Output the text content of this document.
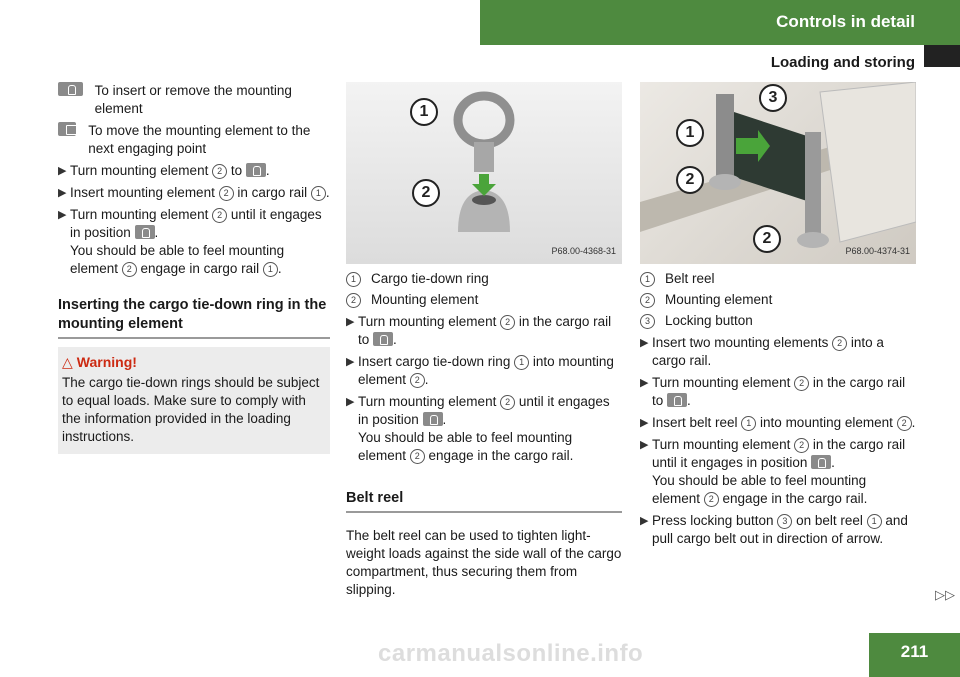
Controls in detail
Loading and storing
To insert or remove the mounting element
To move the mounting element to the next engaging point
▶ Turn mounting element 2 to .
▶ Insert mounting element 2 in cargo rail 1 .
▶ Turn mounting element 2 until it engages in position .
You should be able to feel mounting element 2 engage in cargo rail 1 .
Inserting the cargo tie-down ring in the mounting element
△ Warning!
The cargo tie-down rings should be subject to equal loads. Make sure to comply with the information provided in the loading instructions.
1
2
P68.00-4368-31
1	Cargo tie-down ring
2	Mounting element
▶ Turn mounting element 2 in the cargo rail to .
▶ Insert cargo tie-down ring 1 into mounting element 2 .
▶ Turn mounting element 2 until it engages in position .
You should be able to feel mounting element 2 engage in the cargo rail.
Belt reel
The belt reel can be used to tighten light-weight loads against the side wall of the cargo compartment, thus securing them from slipping.
1
2
3
2
P68.00-4374-31
1	Belt reel
2	Mounting element
3	Locking button
▶ Insert two mounting elements 2 into a cargo rail.
▶ Turn mounting element 2 in the cargo rail to .
▶ Insert belt reel 1 into mounting element 2 .
▶ Turn mounting element 2 in the cargo rail until it engages in position .
You should be able to feel mounting element 2 engage in the cargo rail.
▶ Press locking button 3 on belt reel 1 and pull cargo belt out in direction of arrow.
▷▷
211
carmanualsonline.info
